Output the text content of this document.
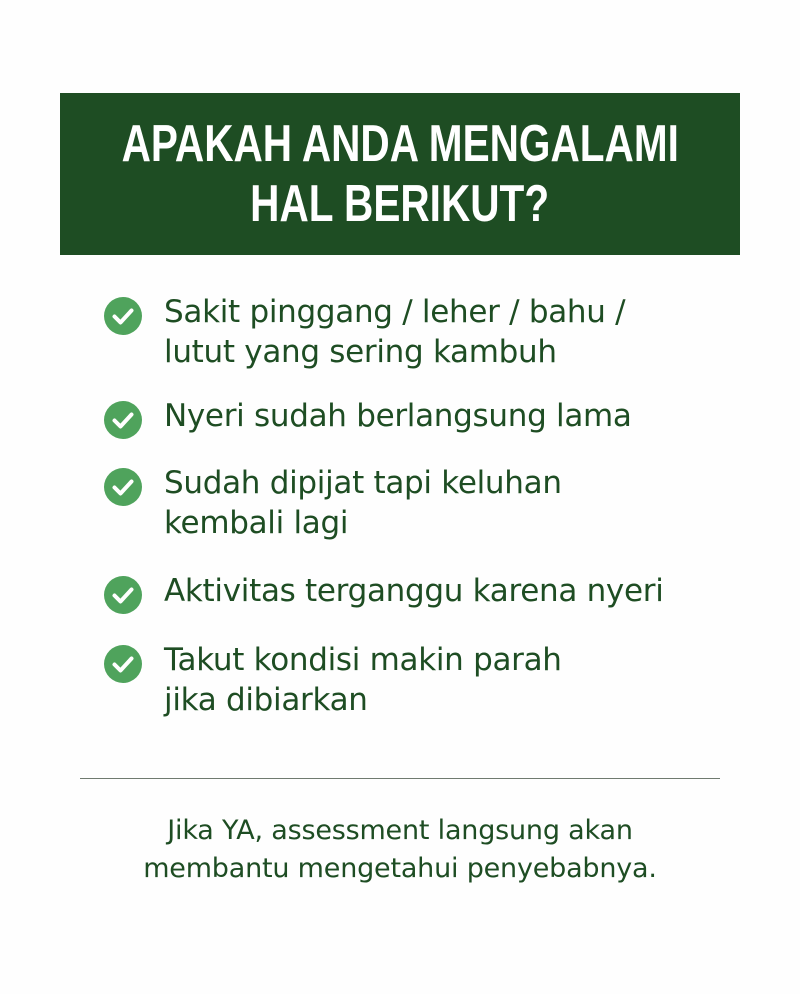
APAKAH ANDA MENGALAMI
HAL BERIKUT?
Sakit pinggang / leher / bahu /
lutut yang sering kambuh
Nyeri sudah berlangsung lama
Sudah dipijat tapi keluhan
kembali lagi
Aktivitas terganggu karena nyeri
Takut kondisi makin parah
jika dibiarkan
Jika YA, assessment langsung akan
membantu mengetahui penyebabnya.
